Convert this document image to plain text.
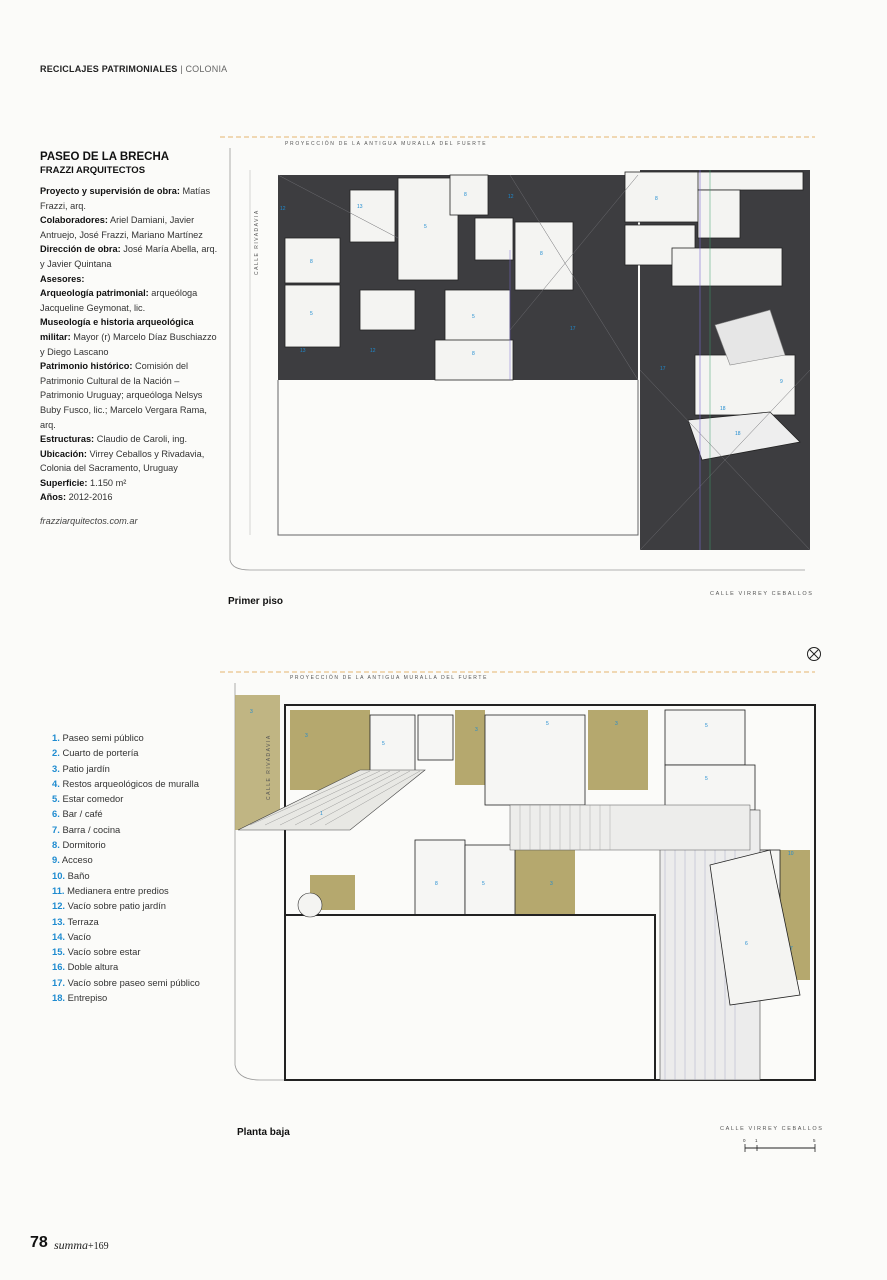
RECICLAJES PATRIMONIALES | COLONIA
PASEO DE LA BRECHA
FRAZZI ARQUITECTOS
Proyecto y supervisión de obra: Matías Frazzi, arq.
Colaboradores: Ariel Damiani, Javier Antruejo, José Frazzi, Mariano Martínez
Dirección de obra: José María Abella, arq. y Javier Quintana
Asesores:
Arqueología patrimonial: arqueóloga Jacqueline Geymonat, lic.
Museología e historia arqueológica militar: Mayor (r) Marcelo Díaz Buschiazzo y Diego Lascano
Patrimonio histórico: Comisión del Patrimonio Cultural de la Nación – Patrimonio Uruguay; arqueóloga Nelsys Buby Fusco, lic.; Marcelo Vergara Rama, arq.
Estructuras: Claudio de Caroli, ing.
Ubicación: Virrey Ceballos y Rivadavia, Colonia del Sacramento, Uruguay
Superficie: 1.150 m²
Años: 2012-2016
frazziarquitectos.com.ar
1. Paseo semi público
2. Cuarto de portería
3. Patio jardín
4. Restos arqueológicos de muralla
5. Estar comedor
6. Bar / café
7. Barra / cocina
8. Dormitorio
9. Acceso
10. Baño
11. Medianera entre predios
12. Vacío sobre patio jardín
13. Terraza
14. Vacío
15. Vacío sobre estar
16. Doble altura
17. Vacío sobre paseo semi público
18. Entrepiso
PROYECCIÓN DE LA ANTIGUA MURALLA DEL FUERTE
8
5
5
8
8
5
8
8
18
18
9
13
12
12
17
17
13	12
CALLE RIVADAVIA
CALLE VIRREY CEBALLOS
Primer piso
PROYECCIÓN DE LA ANTIGUA MURALLA DEL FUERTE
3
5
3
5	3	5
5
8	5	3
6
7
1
3
10
CALLE RIVADAVIA
CALLE VIRREY CEBALLOS
0 1	5
Planta baja
78 summa+169
